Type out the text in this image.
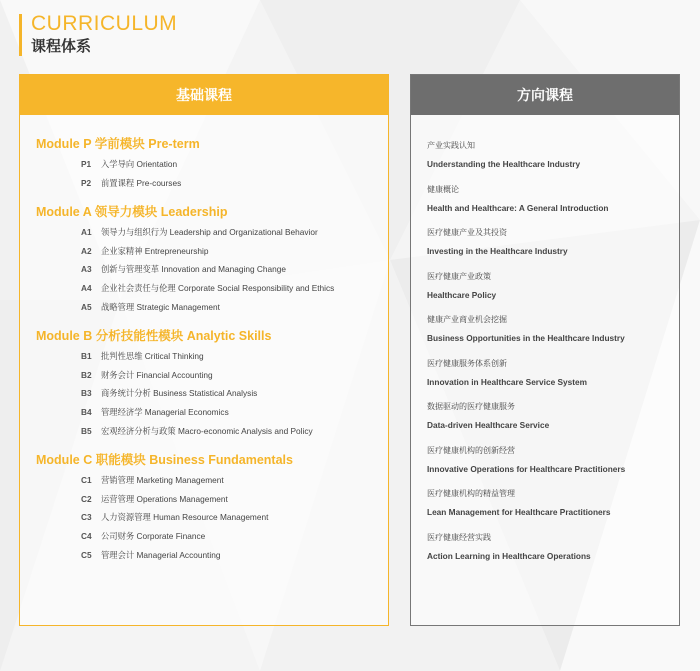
CURRICULUM
课程体系
基础课程
Module P 学前模块 Pre-term
P1 入学导向 Orientation
P2 前置课程 Pre-courses
Module A 领导力模块 Leadership
A1 领导力与组织行为 Leadership and Organizational Behavior
A2 企业家精神 Entrepreneurship
A3 创新与管理变革 Innovation and Managing Change
A4 企业社会责任与伦理 Corporate Social Responsibility and Ethics
A5 战略管理 Strategic Management
Module B 分析技能性模块 Analytic Skills
B1 批判性思维 Critical Thinking
B2 财务会计 Financial Accounting
B3 商务统计分析 Business Statistical Analysis
B4 管理经济学 Managerial Economics
B5 宏观经济分析与政策 Macro-economic Analysis and Policy
Module C 职能模块 Business Fundamentals
C1 营销管理 Marketing Management
C2 运营管理 Operations Management
C3 人力资源管理 Human Resource Management
C4 公司财务 Corporate Finance
C5 管理会计 Managerial Accounting
方向课程
产业实践认知
Understanding the Healthcare Industry
健康概论
Health and Healthcare: A General Introduction
医疗健康产业及其投资
Investing in the Healthcare Industry
医疗健康产业政策
Healthcare Policy
健康产业商业机会挖掘
Business Opportunities in the Healthcare Industry
医疗健康服务体系创新
Innovation in Healthcare Service System
数据驱动的医疗健康服务
Data-driven Healthcare Service
医疗健康机构的创新经营
Innovative Operations for Healthcare Practitioners
医疗健康机构的精益管理
Lean Management for Healthcare Practitioners
医疗健康经营实践
Action Learning in Healthcare Operations
